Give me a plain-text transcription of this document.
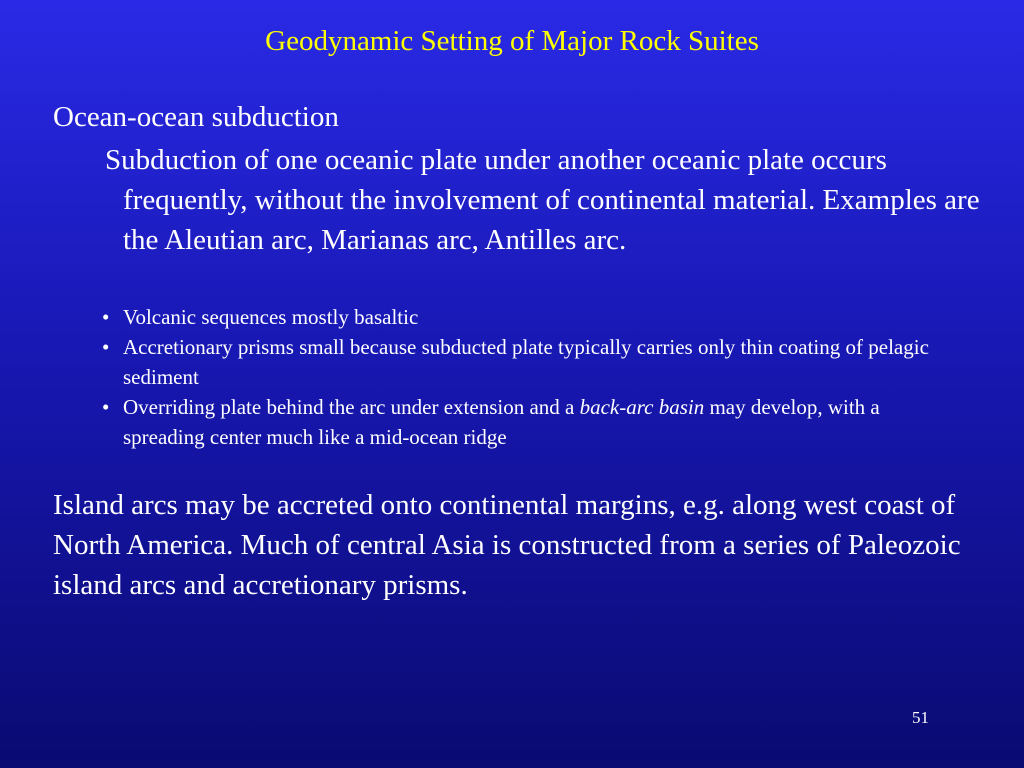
Geodynamic Setting of Major Rock Suites
Ocean-ocean subduction
Subduction of one oceanic plate under another oceanic plate occurs frequently, without the involvement of continental material. Examples are the Aleutian arc, Marianas arc, Antilles arc.
• Volcanic sequences mostly basaltic
• Accretionary prisms small because subducted plate typically carries only thin coating of pelagic sediment
• Overriding plate behind the arc under extension and a back-arc basin may develop, with a spreading center much like a mid-ocean ridge
Island arcs may be accreted onto continental margins, e.g. along west coast of North America. Much of central Asia is constructed from a series of Paleozoic island arcs and accretionary prisms.
51
